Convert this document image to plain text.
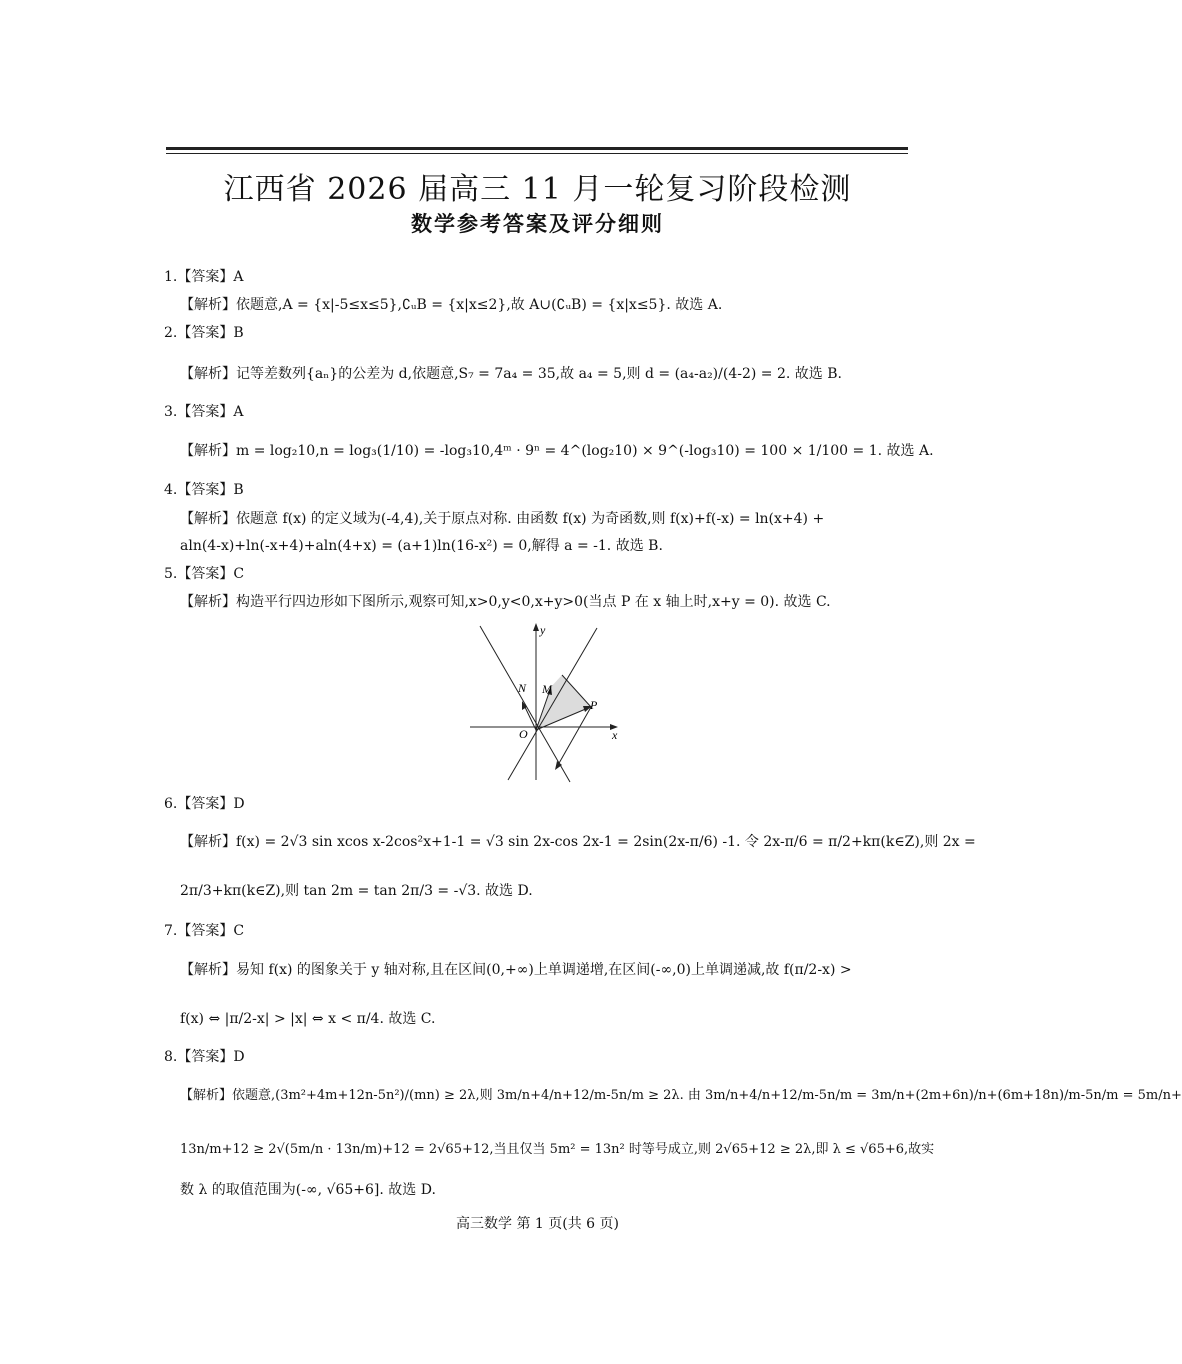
江西省 2026 届高三 11 月一轮复习阶段检测
数学参考答案及评分细则
1.【答案】A
【解析】依题意,A = {x|-5≤x≤5},∁ᵤB = {x|x≤2},故 A∪(∁ᵤB) = {x|x≤5}. 故选 A.
2.【答案】B
【解析】记等差数列{aₙ}的公差为 d,依题意,S₇ = 7a₄ = 35,故 a₄ = 5,则 d = (a₄-a₂)/(4-2) = 2. 故选 B.
3.【答案】A
【解析】m = log₂10,n = log₃(1/10) = -log₃10,4ᵐ · 9ⁿ = 4^(log₂10) × 9^(-log₃10) = 100 × 1/100 = 1. 故选 A.
4.【答案】B
【解析】依题意 f(x) 的定义域为(-4,4),关于原点对称. 由函数 f(x) 为奇函数,则 f(x)+f(-x) = ln(x+4) +
aln(4-x)+ln(-x+4)+aln(4+x) = (a+1)ln(16-x²) = 0,解得 a = -1. 故选 B.
5.【答案】C
【解析】构造平行四边形如下图所示,观察可知,x>0,y<0,x+y>0(当点 P 在 x 轴上时,x+y = 0). 故选 C.
y
x
O
N M
P
6.【答案】D
【解析】f(x) = 2√3 sin xcos x-2cos²x+1-1 = √3 sin 2x-cos 2x-1 = 2sin(2x-π/6) -1. 令 2x-π/6 = π/2+kπ(k∈Z),则 2x =
2π/3+kπ(k∈Z),则 tan 2m = tan 2π/3 = -√3. 故选 D.
7.【答案】C
【解析】易知 f(x) 的图象关于 y 轴对称,且在区间(0,+∞)上单调递增,在区间(-∞,0)上单调递减,故 f(π/2-x) >
f(x) ⇔ |π/2-x| > |x| ⇔ x < π/4. 故选 C.
8.【答案】D
【解析】依题意,(3m²+4m+12n-5n²)/(mn) ≥ 2λ,则 3m/n+4/n+12/m-5n/m ≥ 2λ. 由 3m/n+4/n+12/m-5n/m = 3m/n+(2m+6n)/n+(6m+18n)/m-5n/m = 5m/n+
13n/m+12 ≥ 2√(5m/n · 13n/m)+12 = 2√65+12,当且仅当 5m² = 13n² 时等号成立,则 2√65+12 ≥ 2λ,即 λ ≤ √65+6,故实
数 λ 的取值范围为(-∞, √65+6]. 故选 D.
高三数学 第 1 页(共 6 页)
